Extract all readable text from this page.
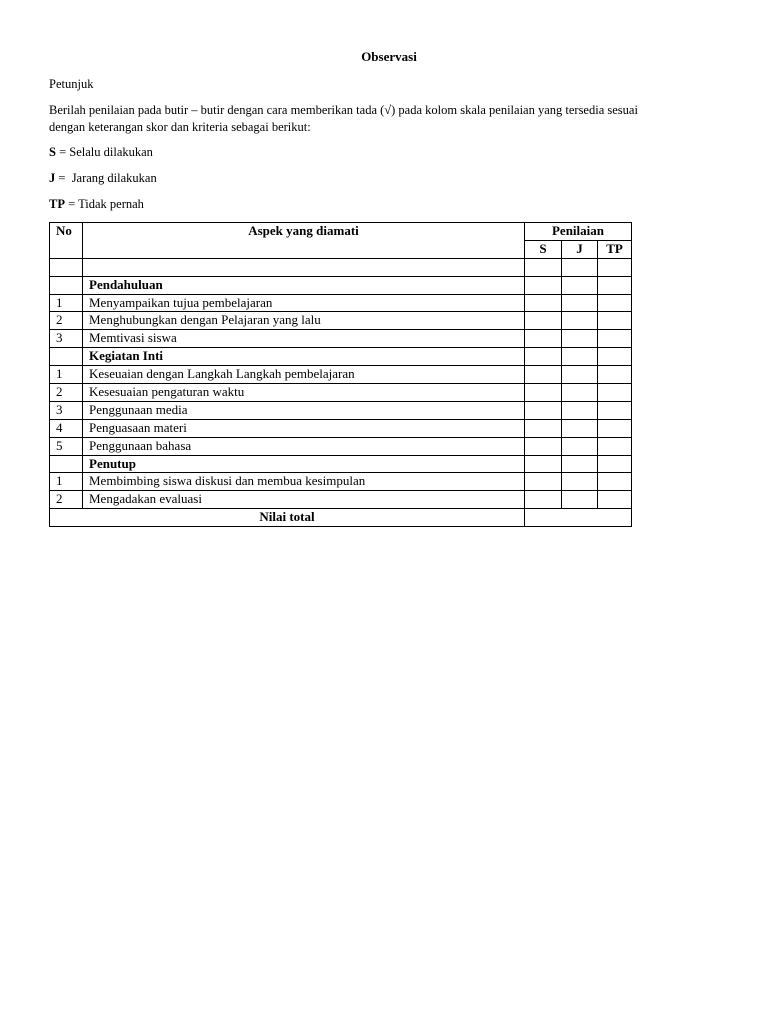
Observasi
Petunjuk
Berilah penilaian pada butir – butir dengan cara memberikan tada (√) pada kolom skala penilaian yang tersedia sesuai
dengan keterangan skor dan kriteria sebagai berikut:
S = Selalu dilakukan
J =  Jarang dilakukan
TP = Tidak pernah
No	Aspek yang diamati	Penilaian		
		S	J	TP

	Pendahuluan			
1	Menyampaikan tujua pembelajaran			
2	Menghubungkan dengan Pelajaran yang lalu			
3	Memtivasi siswa			
	Kegiatan Inti			
1	Keseuaian dengan Langkah Langkah pembelajaran			
2	Kesesuaian pengaturan waktu			
3	Penggunaan media			
4	Penguasaan materi			
5	Penggunaan bahasa			
	Penutup			
1	Membimbing siswa diskusi dan membua kesimpulan			
2	Mengadakan evaluasi			
Nilai total				
